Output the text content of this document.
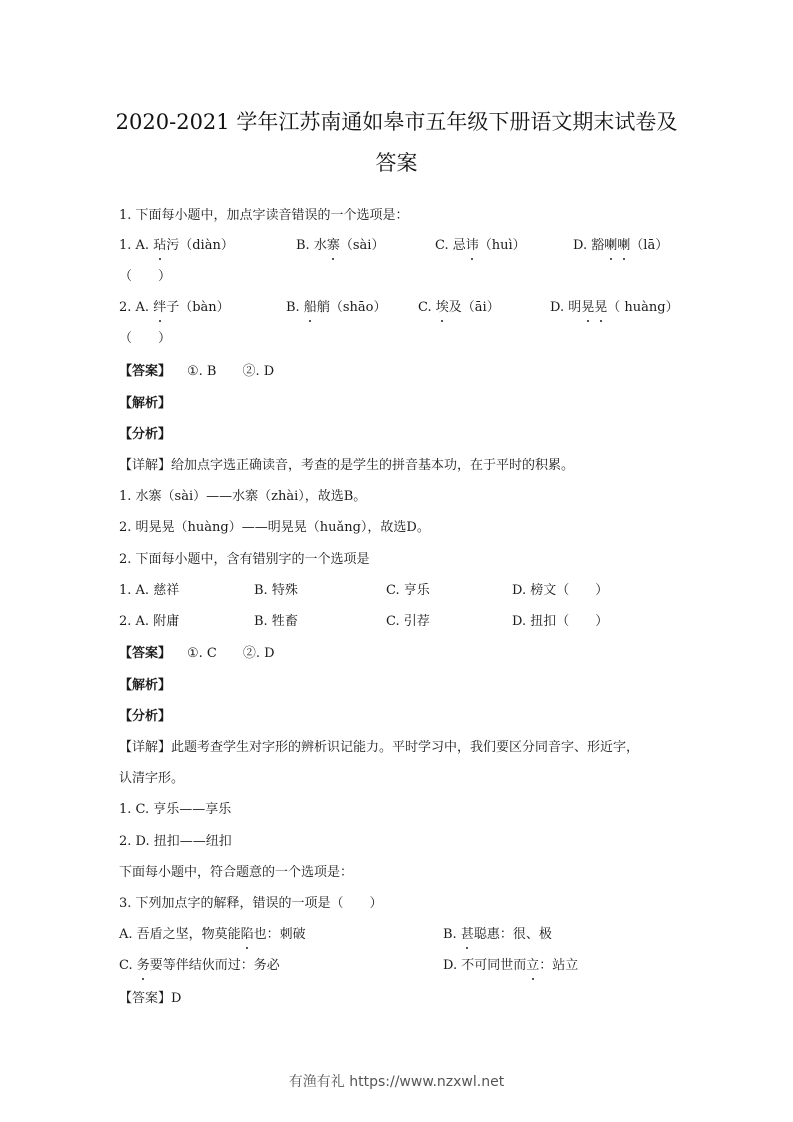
2020-2021 学年江苏南通如皋市五年级下册语文期末试卷及
答案
1. 下面每小题中，加点字读音错误的一个选项是：
1. A. 玷污（diàn）	B. 水寨（sài）	C. 忌讳（huì）	D. 豁喇喇（lā）
（　　）
2. A. 绊子（bàn）	B. 船艄（shāo） C. 埃及（āi）	D. 明晃晃（ huàng）
（　　）
【答案】 ①. B　　②. D
【解析】
【分析】
【详解】给加点字选正确读音，考查的是学生的拼音基本功，在于平时的积累。
1. 水寨（sài）——水寨（zhài），故选B。
2. 明晃晃（huàng）——明晃晃（huǎng），故选D。
2. 下面每小题中，含有错别字的一个选项是
1. A. 慈祥	B. 特殊	C. 亨乐	D. 榜文（　　）
2. A. 附庸	B. 牲畜	C. 引荐	D. 扭扣（　　）
【答案】 ①. C　　②. D
【解析】
【分析】
【详解】此题考查学生对字形的辨析识记能力。平时学习中，我们要区分同音字、形近字，
认清字形。
1. C. 亨乐——享乐
2. D. 扭扣——纽扣
下面每小题中，符合题意的一个选项是：
3. 下列加点字的解释，错误的一项是（　　）
A. 吾盾之坚，物莫能陷也：刺破	B. 甚聪惠：很、极
C. 务要等伴结伙而过：务必	D. 不可同世而立：站立
【答案】D
有渔有礼 https://www.nzxwl.net
